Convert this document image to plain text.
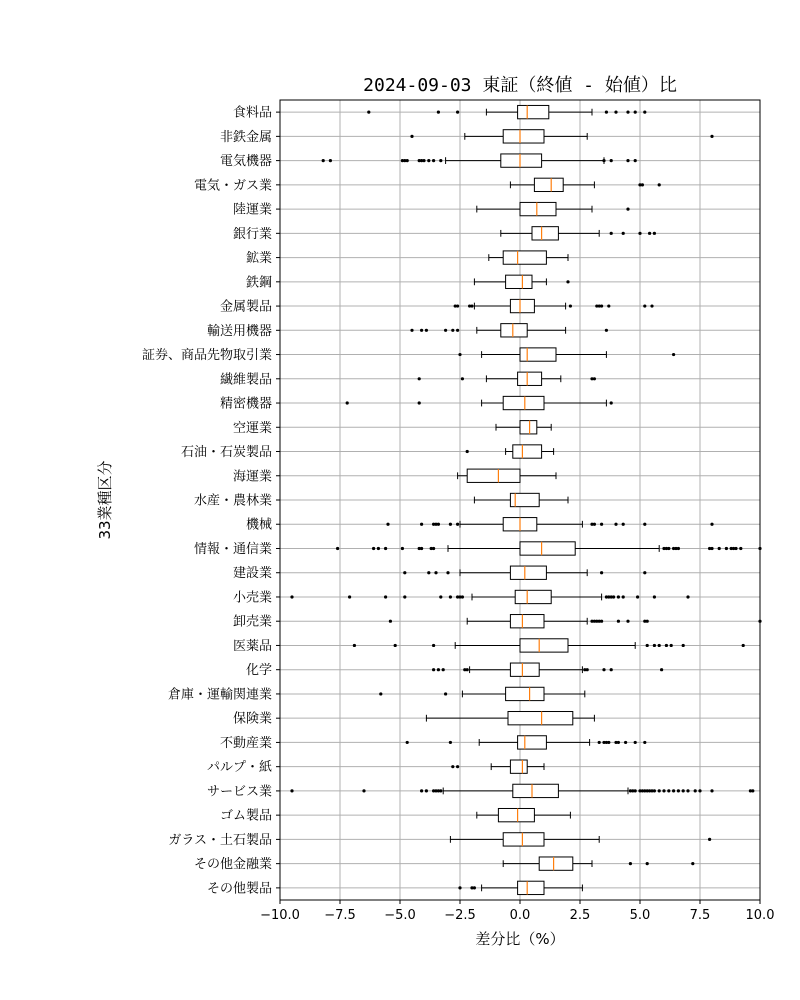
2024-09-03 東証（終値 - 始値）比
食料品
非鉄金属
電気機器
電気・ガス業
陸運業
銀行業
鉱業
鉄鋼
金属製品
輸送用機器
証券、商品先物取引業
繊維製品
精密機器
空運業
石油・石炭製品
海運業
水産・農林業
機械
情報・通信業
建設業
小売業
卸売業
医薬品
化学
倉庫・運輸関連業
保険業
不動産業
パルプ・紙
サービス業
ゴム製品
ガラス・土石製品
その他金融業
その他製品
−10.0 −7.5 −5.0 −2.5	0.0	2.5	5.0	7.5	10.0
差分比（%）
33業種区分
